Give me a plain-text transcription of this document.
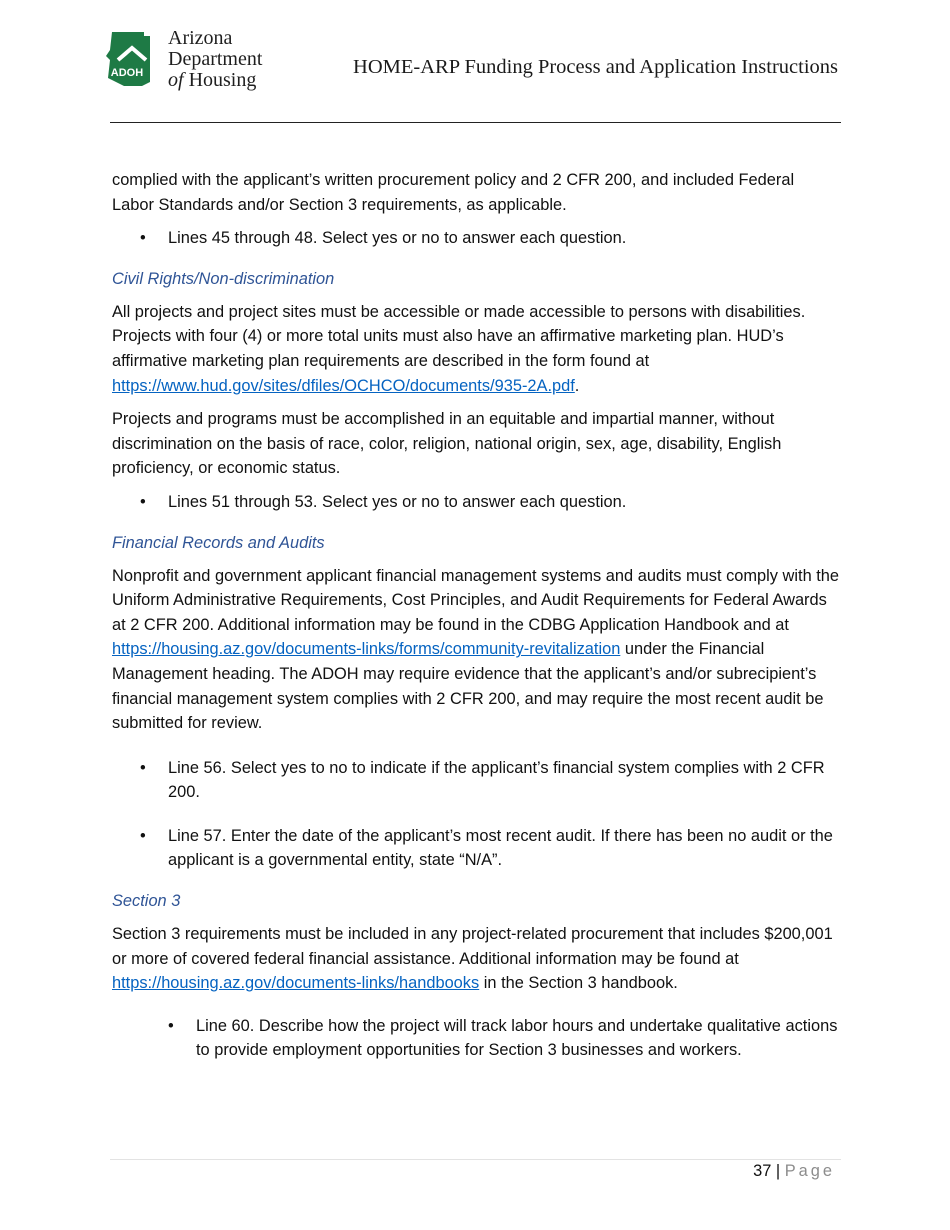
ADOH
Arizona
Department
of Housing
HOME-ARP Funding Process and Application Instructions

complied with the applicant’s written procurement policy and 2 CFR 200, and included Federal Labor Standards and/or Section 3 requirements, as applicable.

• Lines 45 through 48. Select yes or no to answer each question.
Civil Rights/Non-discrimination

All projects and project sites must be accessible or made accessible to persons with disabilities. Projects with four (4) or more total units must also have an affirmative marketing plan. HUD’s affirmative marketing plan requirements are described in the form found at https://www.hud.gov/sites/dfiles/OCHCO/documents/935-2A.pdf.

Projects and programs must be accomplished in an equitable and impartial manner, without discrimination on the basis of race, color, religion, national origin, sex, age, disability, English proficiency, or economic status.

• Lines 51 through 53. Select yes or no to answer each question.
Financial Records and Audits

Nonprofit and government applicant financial management systems and audits must comply with the Uniform Administrative Requirements, Cost Principles, and Audit Requirements for Federal Awards at 2 CFR 200. Additional information may be found in the CDBG Application Handbook and at https://housing.az.gov/documents-links/forms/community-revitalization under the Financial Management heading. The ADOH may require evidence that the applicant’s and/or subrecipient’s financial management system complies with 2 CFR 200, and may require the most recent audit be submitted for review.

• Line 56. Select yes to no to indicate if the applicant’s financial system complies with 2 CFR 200.
• Line 57. Enter the date of the applicant’s most recent audit. If there has been no audit or the applicant is a governmental entity, state “N/A”.
Section 3

Section 3 requirements must be included in any project-related procurement that includes $200,001 or more of covered federal financial assistance. Additional information may be found at https://housing.az.gov/documents-links/handbooks in the Section 3 handbook.

• Line 60. Describe how the project will track labor hours and undertake qualitative actions to provide employment opportunities for Section 3 businesses and workers.
37 | Page
